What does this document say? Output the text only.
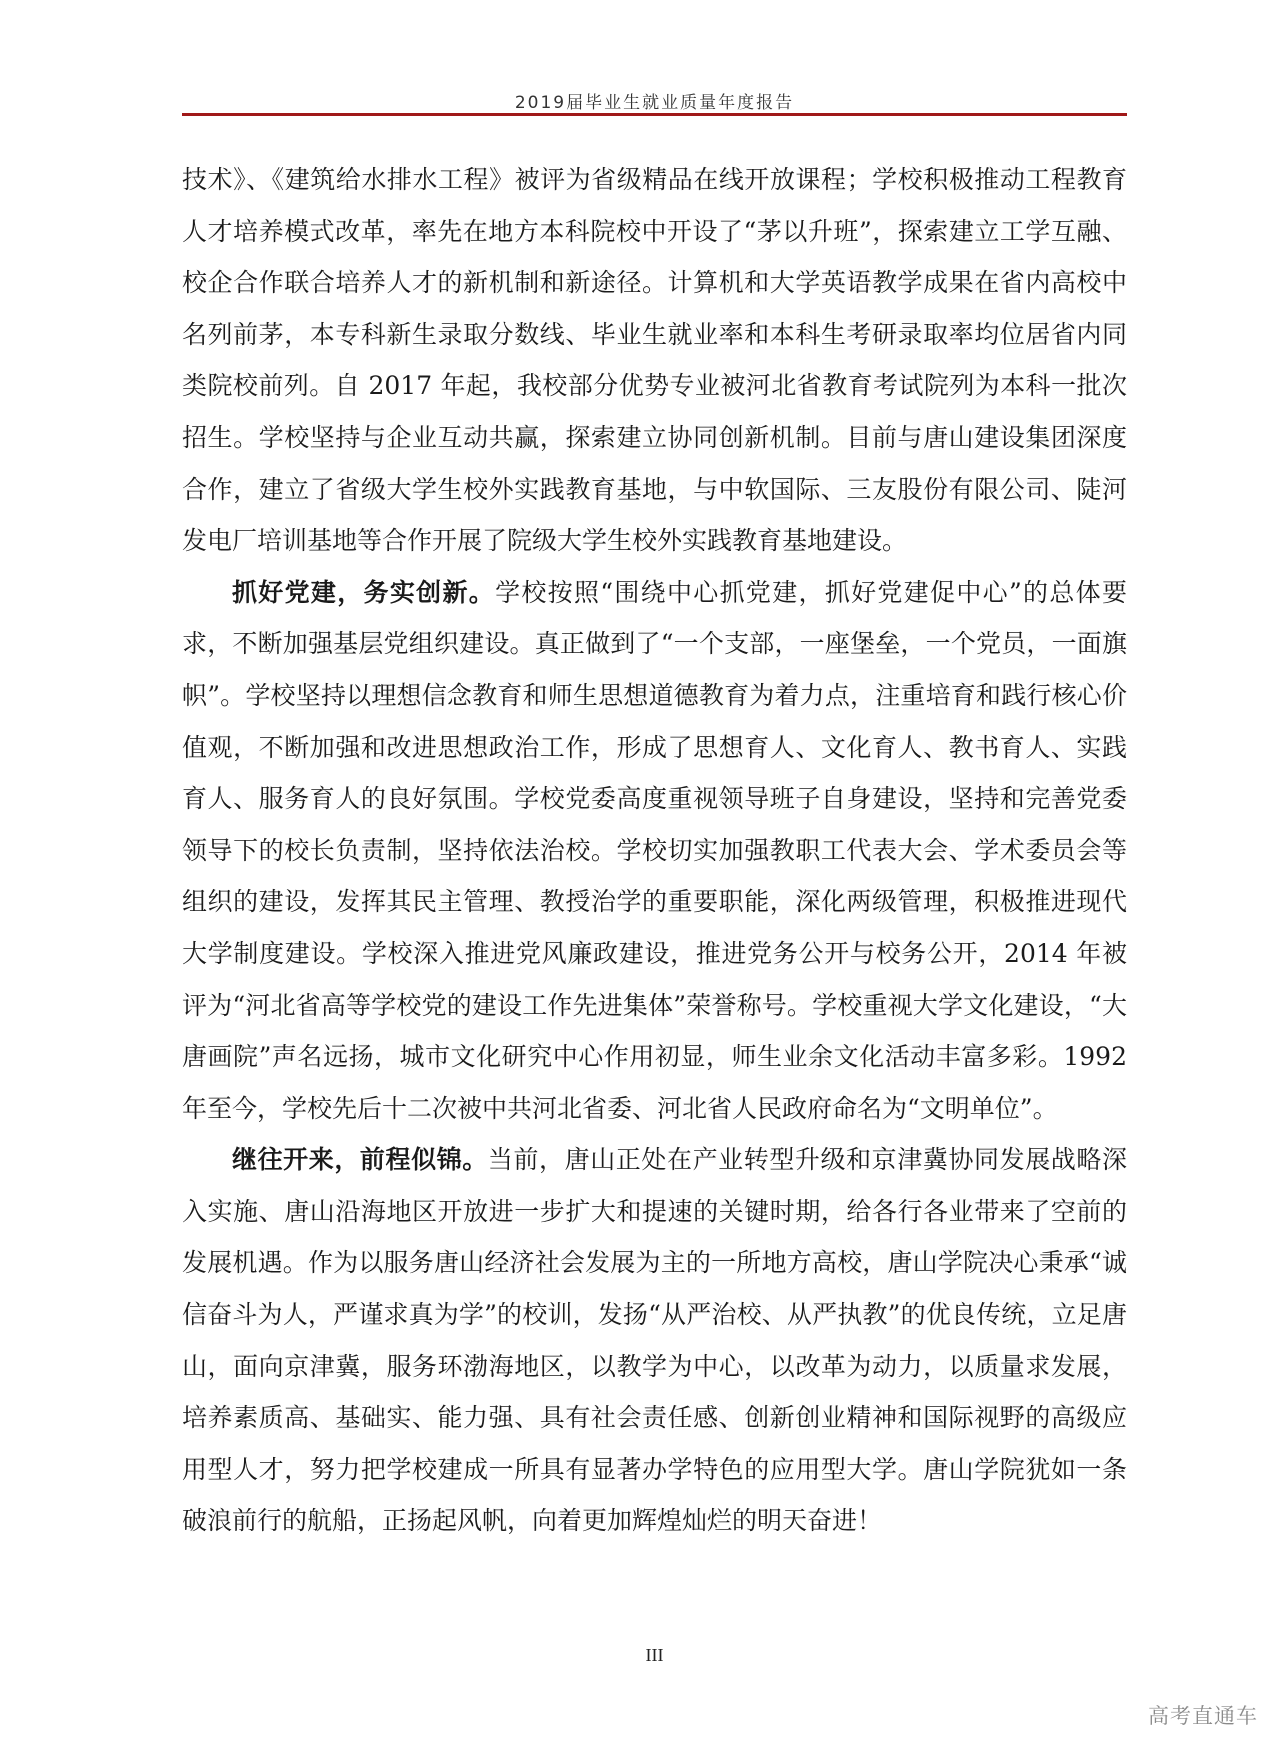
2019届毕业生就业质量年度报告

技术》、《建筑给水排水工程》被评为省级精品在线开放课程；学校积极推动工程教育人才培养模式改革，率先在地方本科院校中开设了“茅以升班”，探索建立工学互融、校企合作联合培养人才的新机制和新途径。计算机和大学英语教学成果在省内高校中名列前茅，本专科新生录取分数线、毕业生就业率和本科生考研录取率均位居省内同类院校前列。自 2017 年起，我校部分优势专业被河北省教育考试院列为本科一批次招生。学校坚持与企业互动共赢，探索建立协同创新机制。目前与唐山建设集团深度合作，建立了省级大学生校外实践教育基地，与中软国际、三友股份有限公司、陡河发电厂培训基地等合作开展了院级大学生校外实践教育基地建设。

抓好党建，务实创新。学校按照“围绕中心抓党建，抓好党建促中心”的总体要求，不断加强基层党组织建设。真正做到了“一个支部，一座堡垒，一个党员，一面旗帜”。学校坚持以理想信念教育和师生思想道德教育为着力点，注重培育和践行核心价值观，不断加强和改进思想政治工作，形成了思想育人、文化育人、教书育人、实践育人、服务育人的良好氛围。学校党委高度重视领导班子自身建设，坚持和完善党委领导下的校长负责制，坚持依法治校。学校切实加强教职工代表大会、学术委员会等组织的建设，发挥其民主管理、教授治学的重要职能，深化两级管理，积极推进现代大学制度建设。学校深入推进党风廉政建设，推进党务公开与校务公开，2014 年被评为“河北省高等学校党的建设工作先进集体”荣誉称号。学校重视大学文化建设，“大唐画院”声名远扬，城市文化研究中心作用初显，师生业余文化活动丰富多彩。1992 年至今，学校先后十二次被中共河北省委、河北省人民政府命名为“文明单位”。

继往开来，前程似锦。当前，唐山正处在产业转型升级和京津冀协同发展战略深入实施、唐山沿海地区开放进一步扩大和提速的关键时期，给各行各业带来了空前的发展机遇。作为以服务唐山经济社会发展为主的一所地方高校，唐山学院决心秉承“诚信奋斗为人，严谨求真为学”的校训，发扬“从严治校、从严执教”的优良传统，立足唐山，面向京津冀，服务环渤海地区，以教学为中心，以改革为动力，以质量求发展，培养素质高、基础实、能力强、具有社会责任感、创新创业精神和国际视野的高级应用型人才，努力把学校建成一所具有显著办学特色的应用型大学。唐山学院犹如一条破浪前行的航船，正扬起风帆，向着更加辉煌灿烂的明天奋进！

III
高考直通车
